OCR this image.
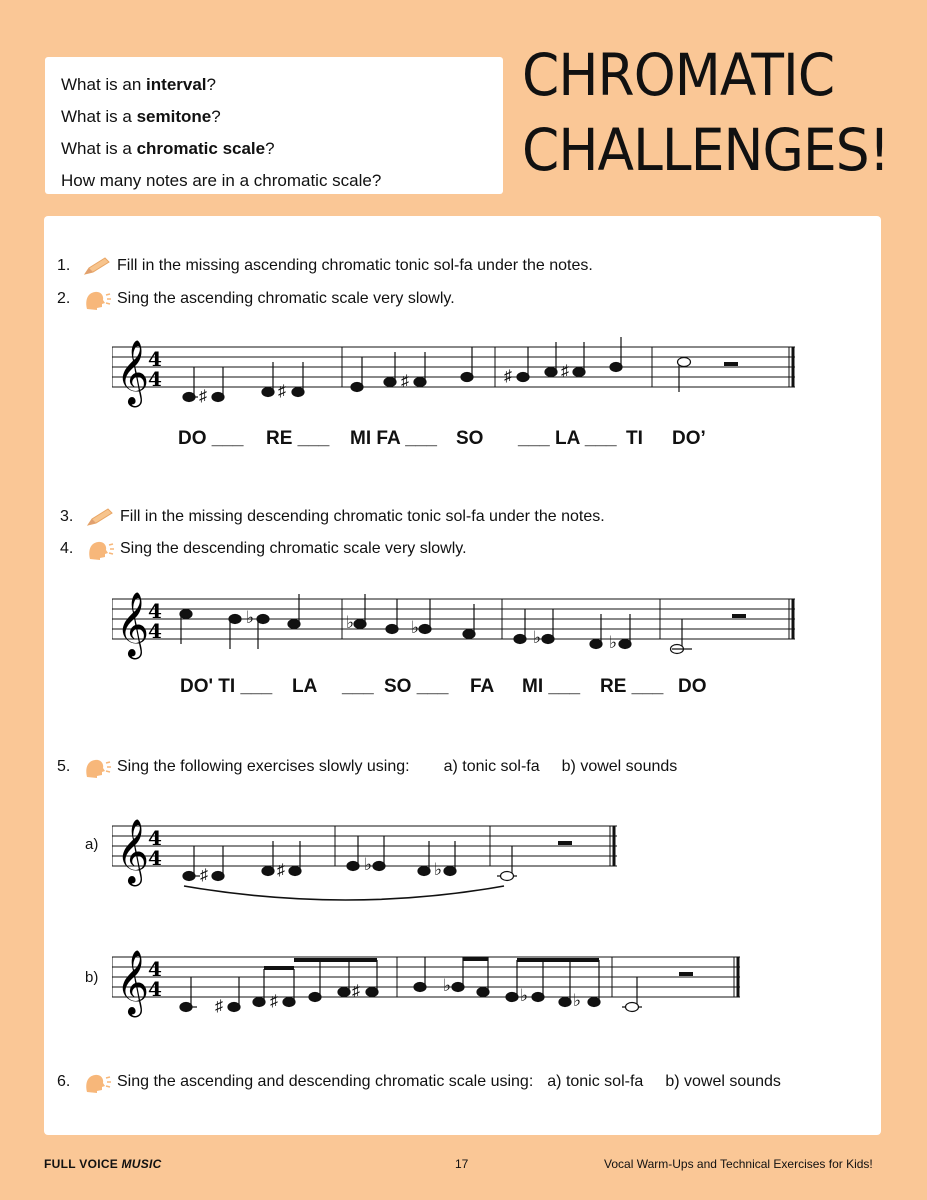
What is an interval?
What is a semitone?
What is a chromatic scale?
How many notes are in a chromatic scale?
CHROMATIC
CHALLENGES!
1.	Fill in the missing ascending chromatic tonic sol-fa under the notes.
2.	Sing the ascending chromatic scale very slowly.
3.	Fill in the missing descending chromatic tonic sol-fa under the notes.
4.	Sing the descending chromatic scale very slowly.
5.	Sing the following exercises slowly using: a) tonic sol-fa b) vowel sounds
6.	Sing the ascending and descending chromatic scale using: a) tonic sol-fa b) vowel sounds
𝄞
4
4
♯	♯
♯	♯	♯
DO ___ RE ___ MI FA ___ SO ___ LA ___ TI DO’
𝄞
4
4
♭	♭	♭
♭	♭
DO' TI ___ LA ___ SO ___ FA MI ___ RE ___ DO
a) 𝄞
4
4
♯	♯	♭	♭
b) 𝄞
4
4
♯	♯
♯	♭
♭	♭
FULL VOICE MUSIC	17	Vocal Warm-Ups and Technical Exercises for Kids!
